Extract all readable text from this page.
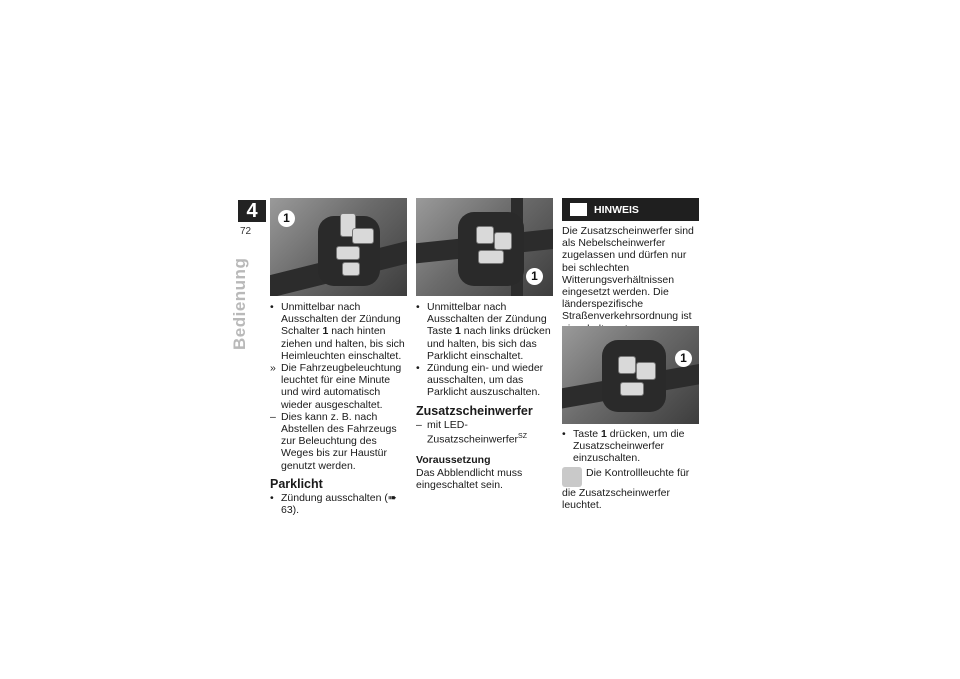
4
72
Bedienung
1
1

• Unmittelbar nach Ausschalten der Zündung Schalter 1 nach hinten ziehen und halten, bis sich Heimleuchten einschaltet.

» Die Fahrzeugbeleuchtung leuchtet für eine Minute und wird automatisch wieder ausgeschaltet.

– Dies kann z. B. nach Abstellen des Fahrzeugs zur Beleuchtung des Weges bis zur Haustür genutzt werden.

Parklicht

• Zündung ausschalten (➠ 63).

• Unmittelbar nach Ausschalten der Zündung Taste 1 nach links drücken und halten, bis sich das Parklicht einschaltet.

• Zündung ein- und wieder ausschalten, um das Parklicht auszuschalten.

Zusatzscheinwerfer

– mit LED-Zusatzscheinwerfer$^{SZ}$

Voraussetzung

Das Abblendlicht muss eingeschaltet sein.

HINWEIS

Die Zusatzscheinwerfer sind als Nebelscheinwerfer zugelassen und dürfen nur bei schlechten Witterungsverhältnissen eingesetzt werden. Die länderspezifische Straßenverkehrsordnung ist

1

• Taste 1 drücken, um die Zusatzscheinwerfer einzuschalten.

Die Kontrollleuchte für die Zusatzscheinwerfer leuchtet.
